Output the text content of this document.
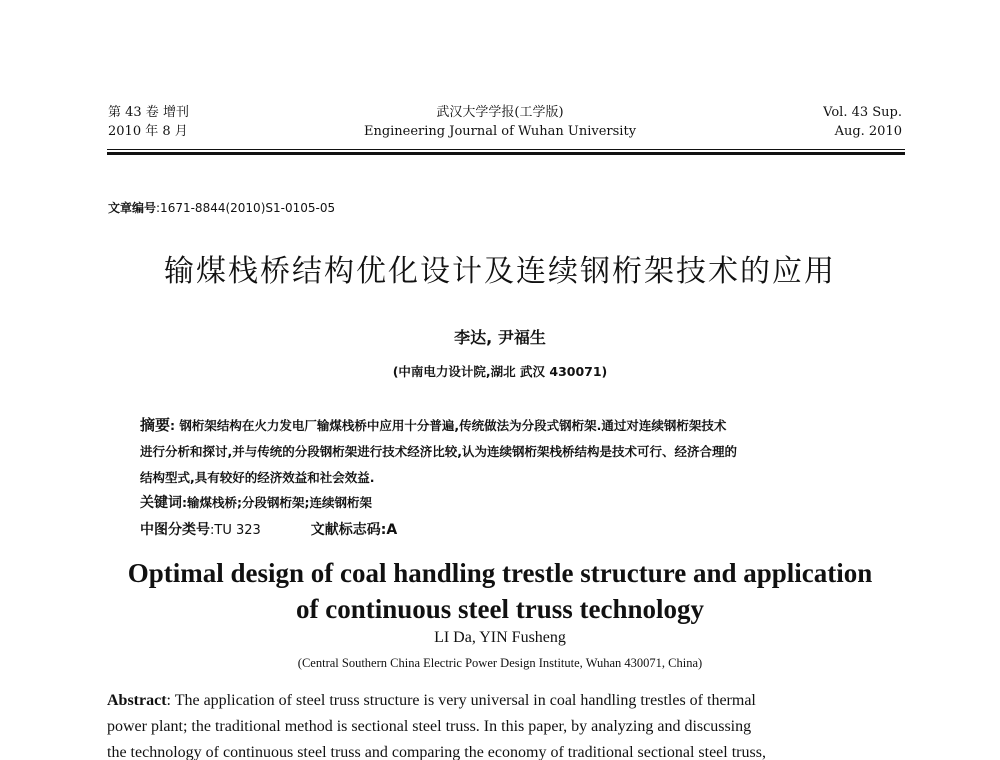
第 43 卷 增刊
2010 年 8 月
武汉大学学报(工学版)
Engineering Journal of Wuhan University
Vol. 43 Sup.
Aug. 2010
文章编号:1671-8844(2010)S1-0105-05
输煤栈桥结构优化设计及连续钢桁架技术的应用
李达, 尹福生
(中南电力设计院,湖北 武汉 430071)
摘要: 钢桁架结构在火力发电厂输煤栈桥中应用十分普遍,传统做法为分段式钢桁架.通过对连续钢桁架技术
进行分析和探讨,并与传统的分段钢桁架进行技术经济比较,认为连续钢桁架栈桥结构是技术可行、经济合理的
结构型式,具有较好的经济效益和社会效益.
关键词:输煤栈桥;分段钢桁架;连续钢桁架
中图分类号:TU 323	文献标志码:A
Optimal design of coal handling trestle structure and application
of continuous steel truss technology
LI Da, YIN Fusheng
(Central Southern China Electric Power Design Institute, Wuhan 430071, China)
Abstract: The application of steel truss structure is very universal in coal handling trestles of thermal
power plant; the traditional method is sectional steel truss. In this paper, by analyzing and discussing
the technology of continuous steel truss and comparing the economy of traditional sectional steel truss,
